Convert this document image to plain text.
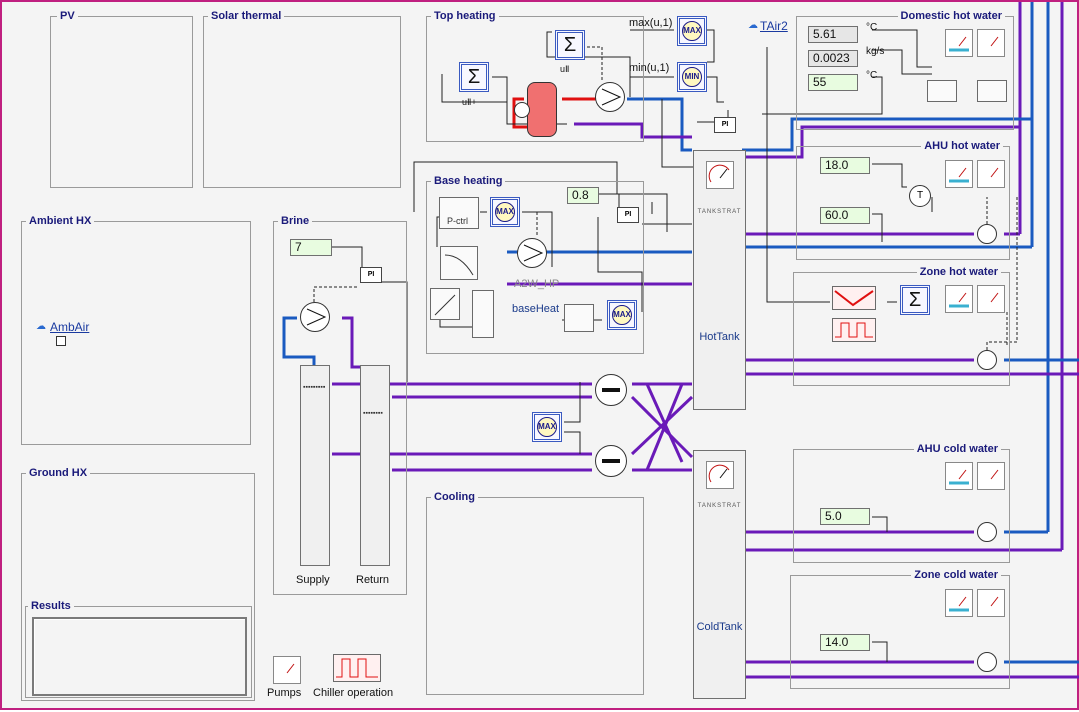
PV	Solar thermal	Top heating	Domestic hot water
Base heating
AHU hot water
Zone hot water
Ambient HX	Brine
Ground HX
Results
Cooling
AHU cold water
Zone cold water
TANKSTRAT
HotTank
TANKSTRAT
ColdTank
▪▪▪▪▪▪▪▪▪
▪▪▪▪▪▪▪▪
Supply Return
Σ
uⅡ+
Σ
uⅡ
max(u,1)
min(u,1)
MAX
MIN
PI
☁ TAir2
0.8
PI
P-ctrl
MAX
A2W_HP
baseHeat	MAX
5.61	°C
0.0023	kg/s
55	°C
18.0
60.0
T
Σ
☁ AmbAir
7
PI
MAX
5.0
14.0
Pumps Chiller operation
